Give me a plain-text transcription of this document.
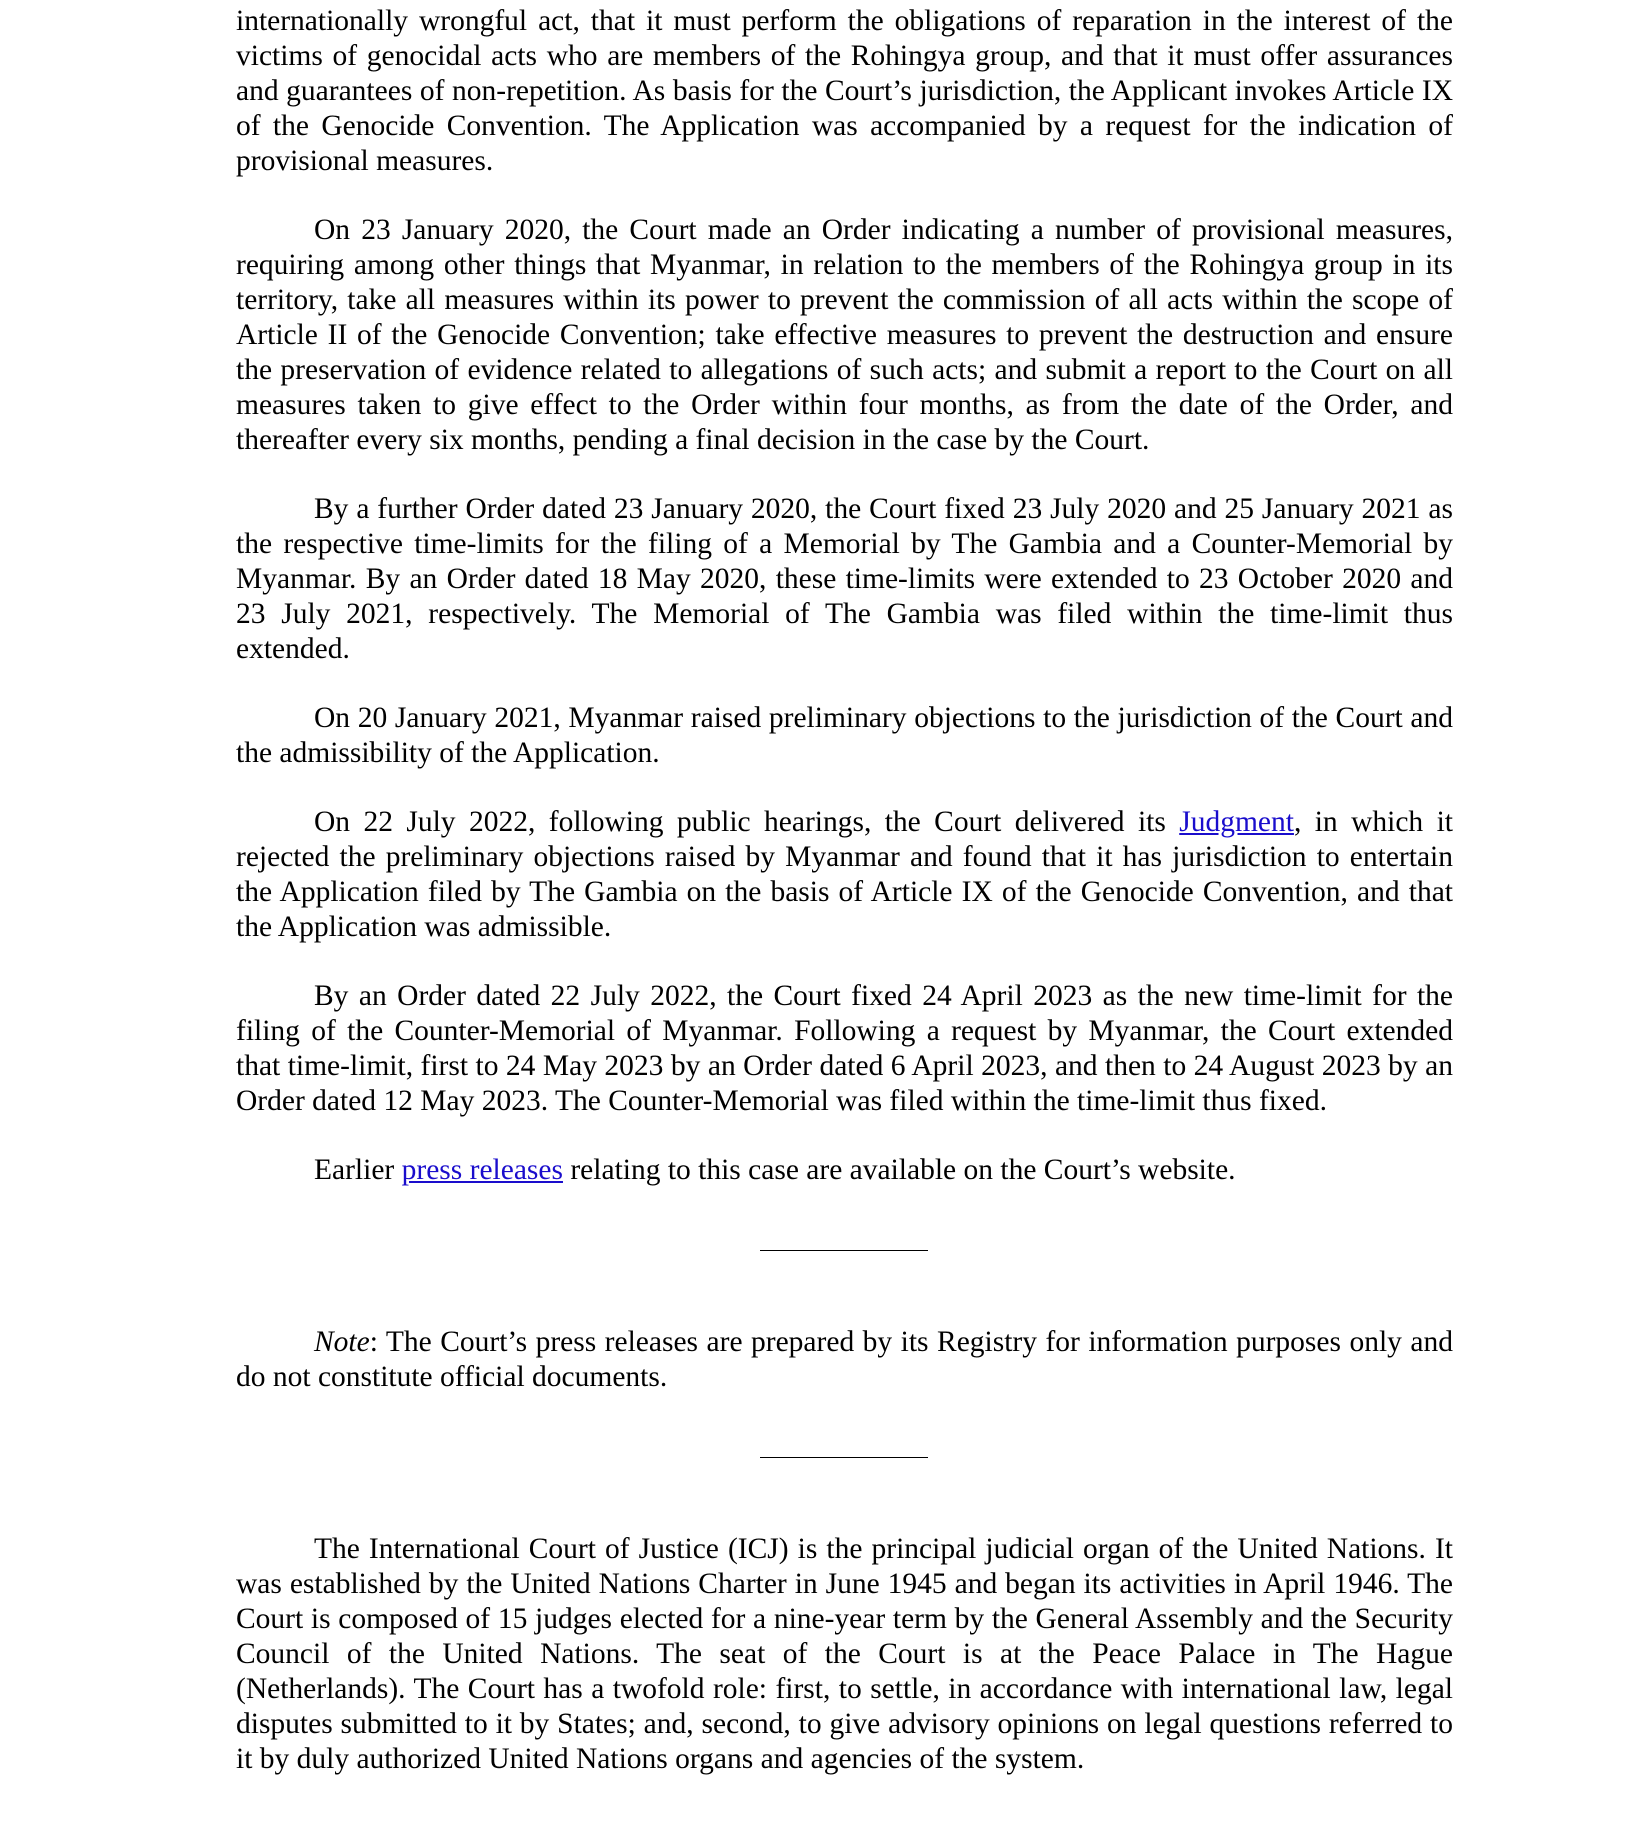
internationally wrongful act, that it must perform the obligations of reparation in the interest of the victims of genocidal acts who are members of the Rohingya group, and that it must offer assurances and guarantees of non-repetition. As basis for the Court’s jurisdiction, the Applicant invokes Article IX of the Genocide Convention. The Application was accompanied by a request for the indication of provisional measures.

On 23 January 2020, the Court made an Order indicating a number of provisional measures, requiring among other things that Myanmar, in relation to the members of the Rohingya group in its territory, take all measures within its power to prevent the commission of all acts within the scope of Article II of the Genocide Convention; take effective measures to prevent the destruction and ensure the preservation of evidence related to allegations of such acts; and submit a report to the Court on all measures taken to give effect to the Order within four months, as from the date of the Order, and thereafter every six months, pending a final decision in the case by the Court.

By a further Order dated 23 January 2020, the Court fixed 23 July 2020 and 25 January 2021 as the respective time-limits for the filing of a Memorial by The Gambia and a Counter-Memorial by Myanmar. By an Order dated 18 May 2020, these time-limits were extended to 23 October 2020 and 23 July 2021, respectively. The Memorial of The Gambia was filed within the time-limit thus extended.

On 20 January 2021, Myanmar raised preliminary objections to the jurisdiction of the Court and the admissibility of the Application.

On 22 July 2022, following public hearings, the Court delivered its Judgment, in which it rejected the preliminary objections raised by Myanmar and found that it has jurisdiction to entertain the Application filed by The Gambia on the basis of Article IX of the Genocide Convention, and that the Application was admissible.

By an Order dated 22 July 2022, the Court fixed 24 April 2023 as the new time-limit for the filing of the Counter-Memorial of Myanmar. Following a request by Myanmar, the Court extended that time-limit, first to 24 May 2023 by an Order dated 6 April 2023, and then to 24 August 2023 by an Order dated 12 May 2023. The Counter-Memorial was filed within the time-limit thus fixed.

Earlier press releases relating to this case are available on the Court’s website.

Note: The Court’s press releases are prepared by its Registry for information purposes only and do not constitute official documents.

The International Court of Justice (ICJ) is the principal judicial organ of the United Nations. It was established by the United Nations Charter in June 1945 and began its activities in April 1946. The Court is composed of 15 judges elected for a nine-year term by the General Assembly and the Security Council of the United Nations. The seat of the Court is at the Peace Palace in The Hague (Netherlands). The Court has a twofold role: first, to settle, in accordance with international law, legal disputes submitted to it by States; and, second, to give advisory opinions on legal questions referred to it by duly authorized United Nations organs and agencies of the system.
